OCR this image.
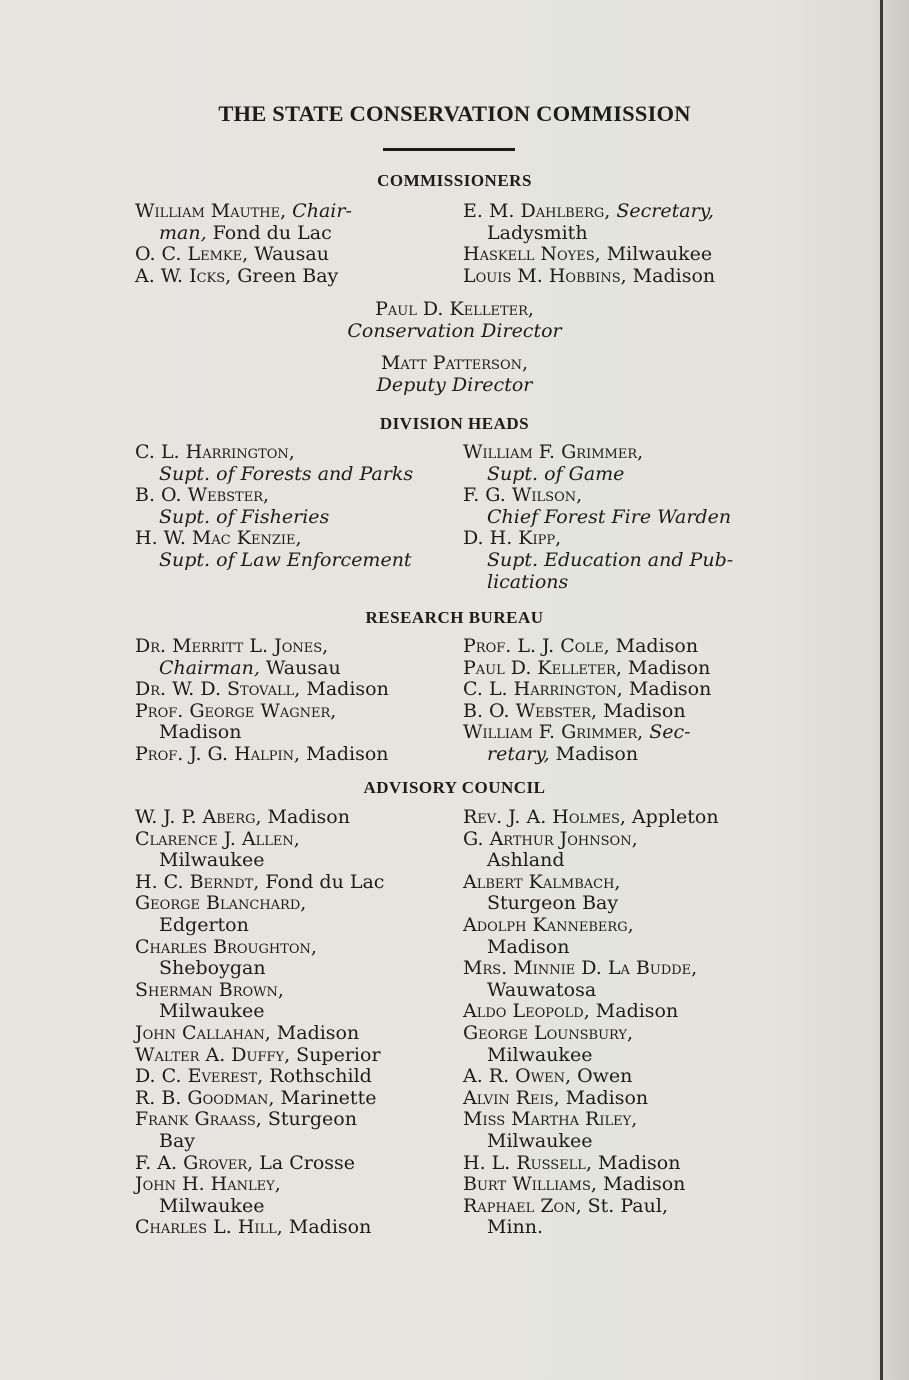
THE STATE CONSERVATION COMMISSION
COMMISSIONERS
William Mauthe, Chair-
man, Fond du Lac
O. C. Lemke, Wausau
A. W. Icks, Green Bay
E. M. Dahlberg, Secretary,
Ladysmith
Haskell Noyes, Milwaukee
Louis M. Hobbins, Madison
Paul D. Kelleter,
Conservation Director
Matt Patterson,
Deputy Director
DIVISION HEADS
C. L. Harrington,
Supt. of Forests and Parks
B. O. Webster,
Supt. of Fisheries
H. W. Mac Kenzie,
Supt. of Law Enforcement
William F. Grimmer,
Supt. of Game
F. G. Wilson,
Chief Forest Fire Warden
D. H. Kipp,
Supt. Education and Pub-
lications
RESEARCH BUREAU
Dr. Merritt L. Jones,
Chairman, Wausau
Dr. W. D. Stovall, Madison
Prof. George Wagner,
Madison
Prof. J. G. Halpin, Madison
Prof. L. J. Cole, Madison
Paul D. Kelleter, Madison
C. L. Harrington, Madison
B. O. Webster, Madison
William F. Grimmer, Sec-
retary, Madison
ADVISORY COUNCIL
W. J. P. Aberg, Madison
Clarence J. Allen,
Milwaukee
H. C. Berndt, Fond du Lac
George Blanchard,
Edgerton
Charles Broughton,
Sheboygan
Sherman Brown,
Milwaukee
John Callahan, Madison
Walter A. Duffy, Superior
D. C. Everest, Rothschild
R. B. Goodman, Marinette
Frank Graass, Sturgeon
Bay
F. A. Grover, La Crosse
John H. Hanley,
Milwaukee
Charles L. Hill, Madison
Rev. J. A. Holmes, Appleton
G. Arthur Johnson,
Ashland
Albert Kalmbach,
Sturgeon Bay
Adolph Kanneberg,
Madison
Mrs. Minnie D. La Budde,
Wauwatosa
Aldo Leopold, Madison
George Lounsbury,
Milwaukee
A. R. Owen, Owen
Alvin Reis, Madison
Miss Martha Riley,
Milwaukee
H. L. Russell, Madison
Burt Williams, Madison
Raphael Zon, St. Paul,
Minn.
